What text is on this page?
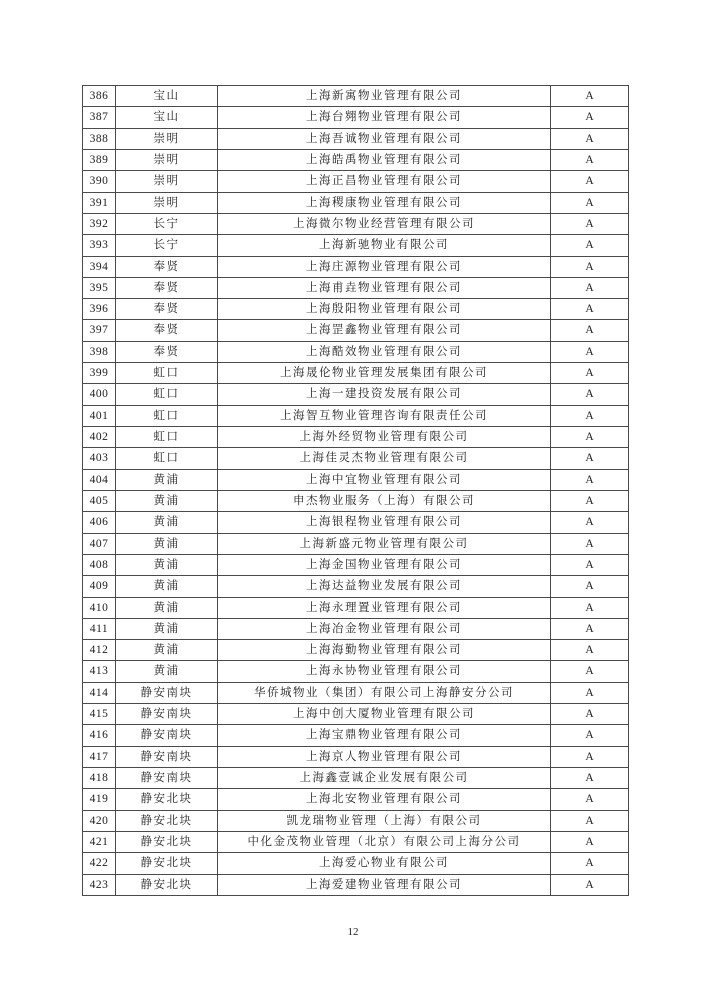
386	宝山	上海新寓物业管理有限公司	A
387	宝山	上海台翙物业管理有限公司	A
388	崇明	上海吾诚物业管理有限公司	A
389	崇明	上海皓禹物业管理有限公司	A
390	崇明	上海正昌物业管理有限公司	A
391	崇明	上海稷康物业管理有限公司	A
392	长宁	上海微尔物业经营管理有限公司	A
393	长宁	上海新驰物业有限公司	A
394	奉贤	上海庄源物业管理有限公司	A
395	奉贤	上海甫垚物业管理有限公司	A
396	奉贤	上海殷阳物业管理有限公司	A
397	奉贤	上海罡鑫物业管理有限公司	A
398	奉贤	上海酷效物业管理有限公司	A
399	虹口	上海晟伦物业管理发展集团有限公司	A
400	虹口	上海一建投资发展有限公司	A
401	虹口	上海智互物业管理咨询有限责任公司	A
402	虹口	上海外经贸物业管理有限公司	A
403	虹口	上海佳灵杰物业管理有限公司	A
404	黄浦	上海中宜物业管理有限公司	A
405	黄浦	申杰物业服务（上海）有限公司	A
406	黄浦	上海银程物业管理有限公司	A
407	黄浦	上海新盛元物业管理有限公司	A
408	黄浦	上海金国物业管理有限公司	A
409	黄浦	上海达益物业发展有限公司	A
410	黄浦	上海永理置业管理有限公司	A
411	黄浦	上海冶金物业管理有限公司	A
412	黄浦	上海海勤物业管理有限公司	A
413	黄浦	上海永协物业管理有限公司	A
414	静安南块	华侨城物业（集团）有限公司上海静安分公司	A
415	静安南块	上海中创大厦物业管理有限公司	A
416	静安南块	上海宝鼎物业管理有限公司	A
417	静安南块	上海京人物业管理有限公司	A
418	静安南块	上海鑫壹诚企业发展有限公司	A
419	静安北块	上海北安物业管理有限公司	A
420	静安北块	凯龙瑞物业管理（上海）有限公司	A
421	静安北块	中化金茂物业管理（北京）有限公司上海分公司	A
422	静安北块	上海爱心物业有限公司	A
423	静安北块	上海爱建物业管理有限公司	A
12
